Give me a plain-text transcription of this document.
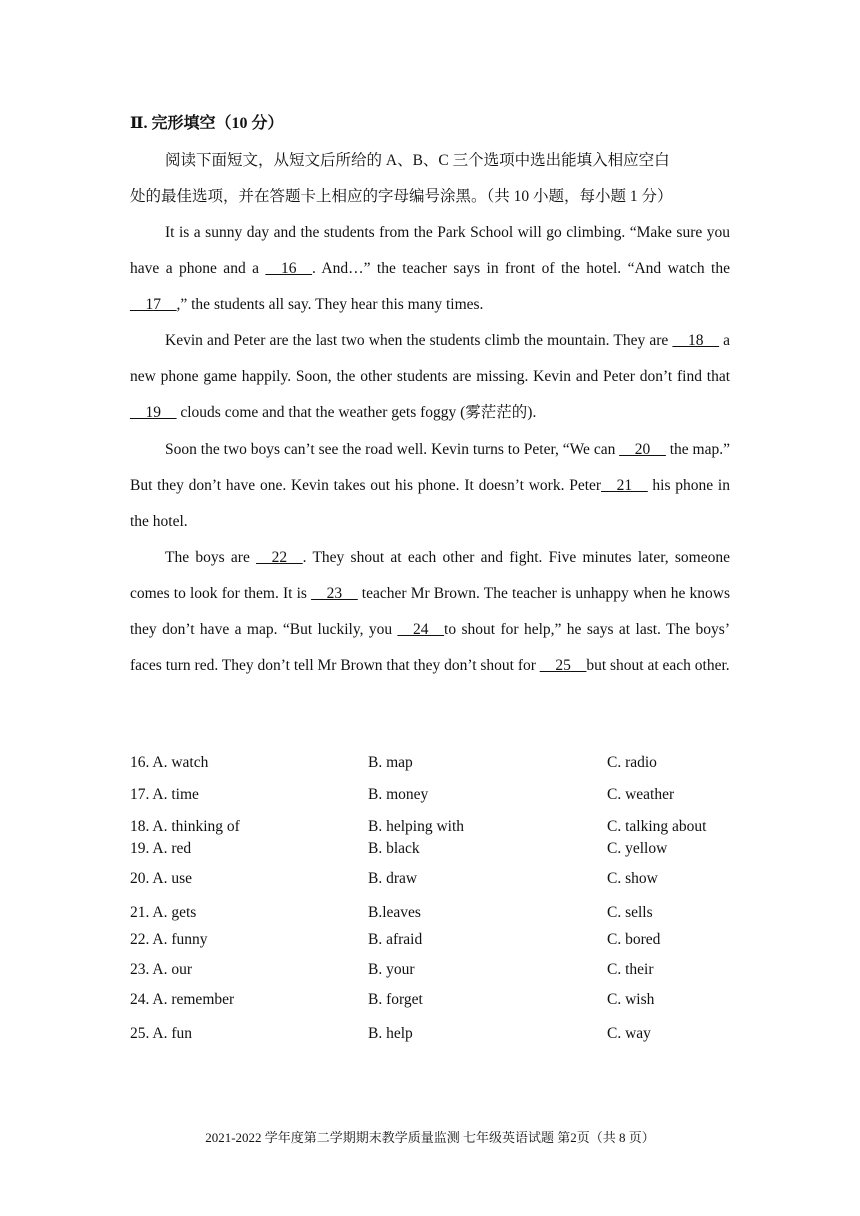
Ⅱ. 完形填空（10 分）
阅读下面短文，从短文后所给的 A、B、C 三个选项中选出能填入相应空白
处的最佳选项，并在答题卡上相应的字母编号涂黑。（共 10 小题，每小题 1 分）
It is a sunny day and the students from the Park School will go climbing. “Make sure you have a phone and a __16__. And…” the teacher says in front of the hotel. “And watch the __17__,” the students all say. They hear this many times.
Kevin and Peter are the last two when the students climb the mountain. They are __18__ a new phone game happily. Soon, the other students are missing. Kevin and Peter don’t find that __19__ clouds come and that the weather gets foggy (雾茫茫的).
Soon the two boys can’t see the road well. Kevin turns to Peter, “We can __20__ the map.” But they don’t have one. Kevin takes out his phone. It doesn’t work. Peter__21__ his phone in the hotel.
The boys are __22__. They shout at each other and fight. Five minutes later, someone comes to look for them. It is __23__ teacher Mr Brown. The teacher is unhappy when he knows they don’t have a map. “But luckily, you __24__to shout for help,” he says at last. The boys’ faces turn red. They don’t tell Mr Brown that they don’t shout for __25__but shout at each other.
16. A. watch	B. map	C. radio
17. A. time	B. money	C. weather
18. A. thinking of	B. helping with	C. talking about
19. A. red	B. black	C. yellow
20. A. use	B. draw	C. show
21. A. gets	B.leaves	C. sells
22. A. funny	B. afraid	C. bored
23. A. our	B. your	C. their
24. A. remember	B. forget	C. wish
25. A. fun	B. help	C. way
2021-2022 学年度第二学期期末教学质量监测 七年级英语试题 第2页（共 8 页）
